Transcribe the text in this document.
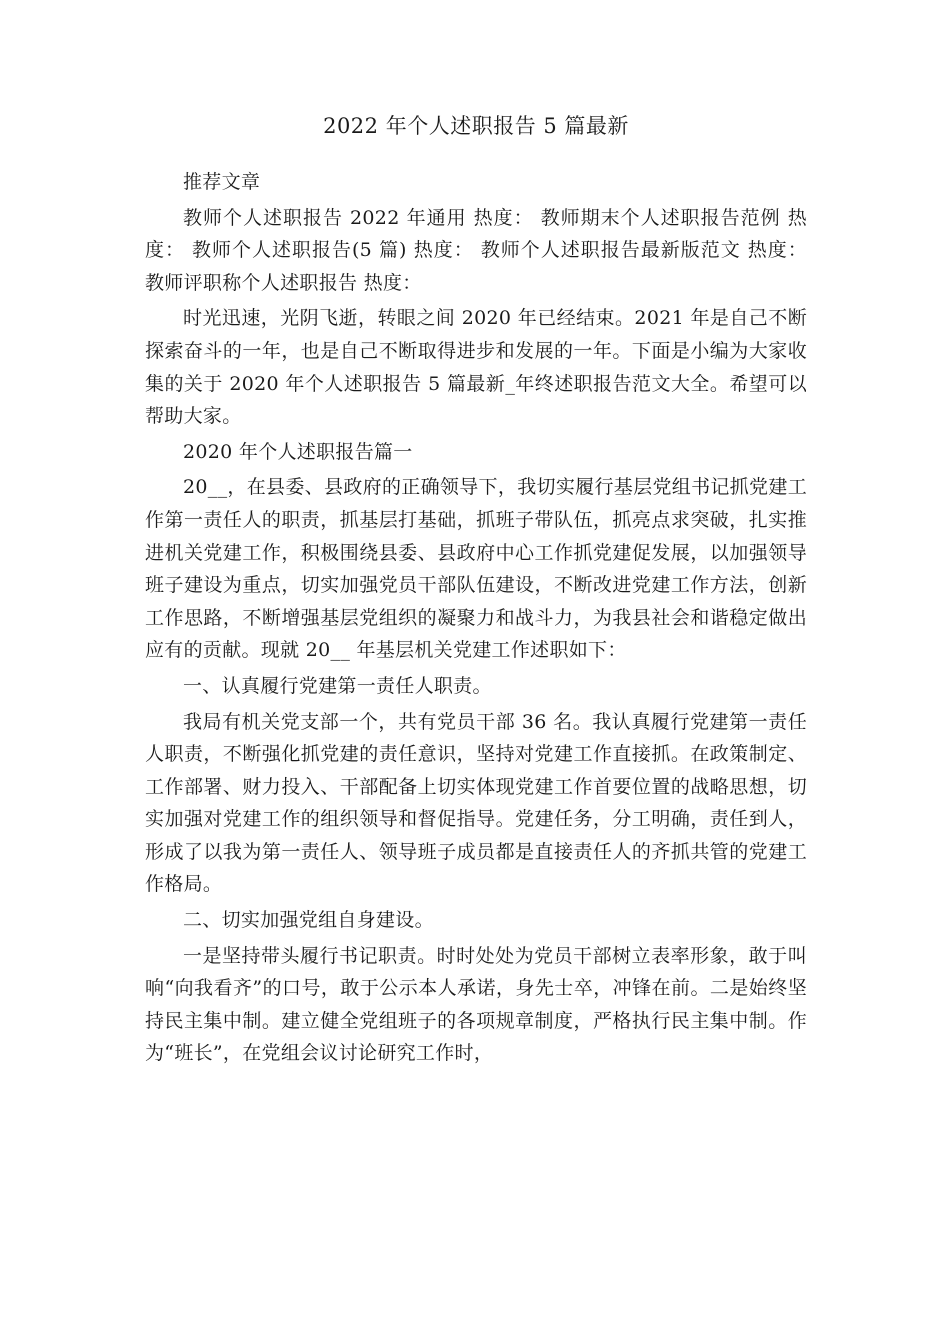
2022 年个人述职报告 5 篇最新

推荐文章

教师个人述职报告 2022 年通用 热度： 教师期末个人述职报告范例 热度： 教师个人述职报告(5 篇) 热度： 教师个人述职报告最新版范文 热度： 教师评职称个人述职报告 热度：

时光迅速，光阴飞逝，转眼之间 2020 年已经结束。2021 年是自己不断探索奋斗的一年，也是自己不断取得进步和发展的一年。下面是小编为大家收集的关于 2020 年个人述职报告 5 篇最新_年终述职报告范文大全。希望可以帮助大家。

2020 年个人述职报告篇一

20__，在县委、县政府的正确领导下，我切实履行基层党组书记抓党建工作第一责任人的职责，抓基层打基础，抓班子带队伍，抓亮点求突破，扎实推进机关党建工作，积极围绕县委、县政府中心工作抓党建促发展，以加强领导班子建设为重点，切实加强党员干部队伍建设，不断改进党建工作方法，创新工作思路，不断增强基层党组织的凝聚力和战斗力，为我县社会和谐稳定做出应有的贡献。现就 20__ 年基层机关党建工作述职如下：

一、认真履行党建第一责任人职责。

我局有机关党支部一个，共有党员干部 36 名。我认真履行党建第一责任人职责，不断强化抓党建的责任意识，坚持对党建工作直接抓。在政策制定、工作部署、财力投入、干部配备上切实体现党建工作首要位置的战略思想，切实加强对党建工作的组织领导和督促指导。党建任务，分工明确，责任到人，形成了以我为第一责任人、领导班子成员都是直接责任人的齐抓共管的党建工作格局。

二、切实加强党组自身建设。

一是坚持带头履行书记职责。时时处处为党员干部树立表率形象，敢于叫响“向我看齐”的口号，敢于公示本人承诺，身先士卒，冲锋在前。二是始终坚持民主集中制。建立健全党组班子的各项规章制度，严格执行民主集中制。作为“班长”，在党组会议讨论研究工作时，
